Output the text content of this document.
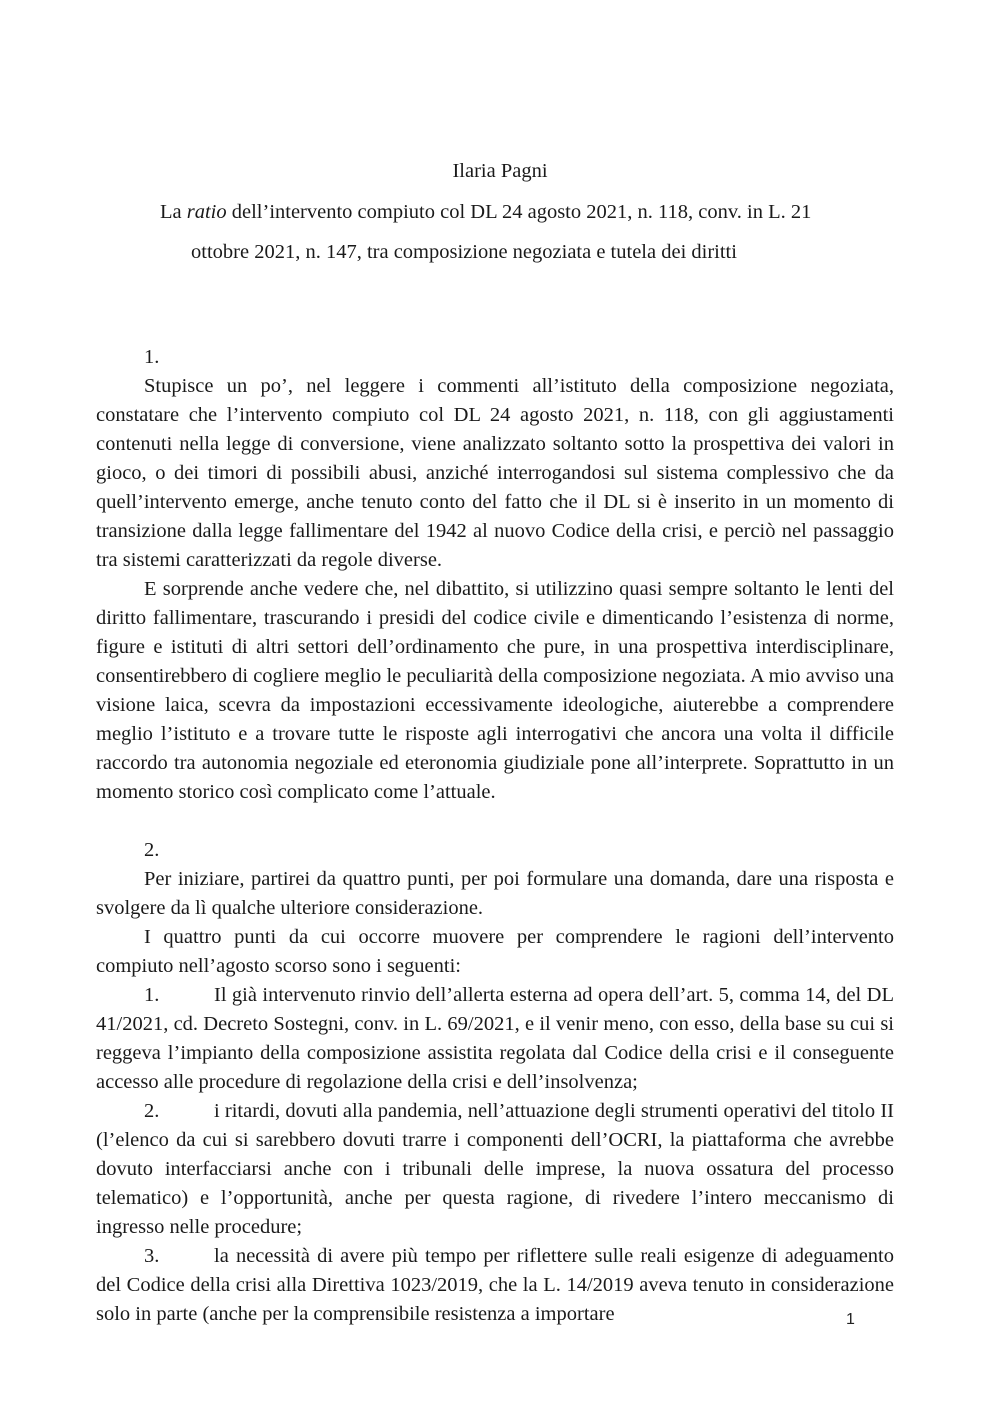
Ilaria Pagni
La ratio dell’intervento compiuto col DL 24 agosto 2021, n. 118, conv. in L. 21
ottobre 2021, n. 147, tra composizione negoziata e tutela dei diritti
1.

Stupisce un po’, nel leggere i commenti all’istituto della composizione negoziata, constatare che l’intervento compiuto col DL 24 agosto 2021, n. 118, con gli aggiustamenti contenuti nella legge di conversione, viene analizzato soltanto sotto la prospettiva dei valori in gioco, o dei timori di possibili abusi, anziché interrogandosi sul sistema complessivo che da quell’intervento emerge, anche tenuto conto del fatto che il DL si è inserito in un momento di transizione dalla legge fallimentare del 1942 al nuovo Codice della crisi, e perciò nel passaggio tra sistemi caratterizzati da regole diverse.

E sorprende anche vedere che, nel dibattito, si utilizzino quasi sempre soltanto le lenti del diritto fallimentare, trascurando i presidi del codice civile e dimenticando l’esistenza di norme, figure e istituti di altri settori dell’ordinamento che pure, in una prospettiva interdisciplinare, consentirebbero di cogliere meglio le peculiarità della composizione negoziata. A mio avviso una visione laica, scevra da impostazioni eccessivamente ideologiche, aiuterebbe a comprendere meglio l’istituto e a trovare tutte le risposte agli interrogativi che ancora una volta il difficile raccordo tra autonomia negoziale ed eteronomia giudiziale pone all’interprete. Soprattutto in un momento storico così complicato come l’attuale.

2.

Per iniziare, partirei da quattro punti, per poi formulare una domanda, dare una risposta e svolgere da lì qualche ulteriore considerazione.

I quattro punti da cui occorre muovere per comprendere le ragioni dell’intervento compiuto nell’agosto scorso sono i seguenti:

1.	Il già intervenuto rinvio dell’allerta esterna ad opera dell’art. 5, comma 14, del DL 41/2021, cd. Decreto Sostegni, conv. in L. 69/2021, e il venir meno, con esso, della base su cui si reggeva l’impianto della composizione assistita regolata dal Codice della crisi e il conseguente accesso alle procedure di regolazione della crisi e dell’insolvenza;

2.	i ritardi, dovuti alla pandemia, nell’attuazione degli strumenti operativi del titolo II (l’elenco da cui si sarebbero dovuti trarre i componenti dell’OCRI, la piattaforma che avrebbe dovuto interfacciarsi anche con i tribunali delle imprese, la nuova ossatura del processo telematico) e l’opportunità, anche per questa ragione, di rivedere l’intero meccanismo di ingresso nelle procedure;

3.	la necessità di avere più tempo per riflettere sulle reali esigenze di adeguamento del Codice della crisi alla Direttiva 1023/2019, che la L. 14/2019 aveva tenuto in considerazione solo in parte (anche per la comprensibile resistenza a importare	1
